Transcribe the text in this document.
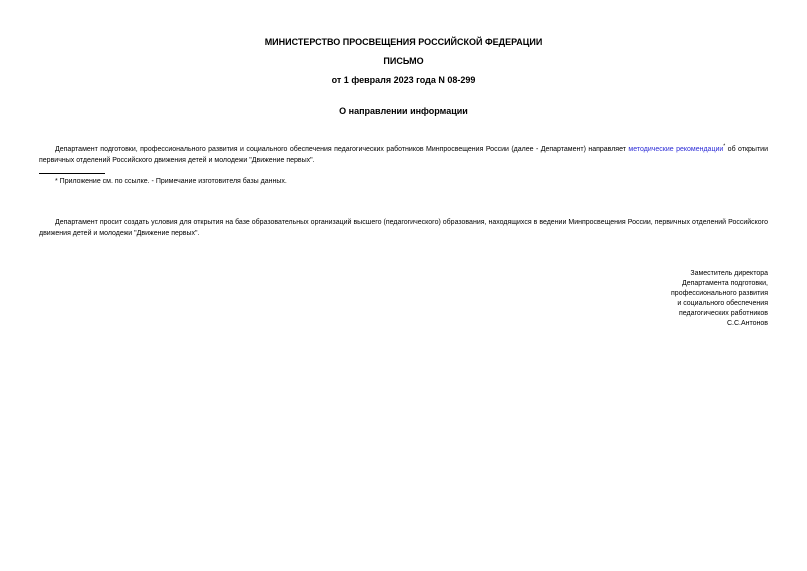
МИНИСТЕРСТВО ПРОСВЕЩЕНИЯ РОССИЙСКОЙ ФЕДЕРАЦИИ
ПИСЬМО
от 1 февраля 2023 года N 08-299
О направлении информации

Департамент подготовки, профессионального развития и социального обеспечения педагогических работников Минпросвещения России (далее - Департамент) направляет методические рекомендации* об открытии первичных отделений Российского движения детей и молодежи "Движение первых".

* Приложение см. по ссылке. - Примечание изготовителя базы данных.

Департамент просит создать условия для открытия на базе образовательных организаций высшего (педагогического) образования, находящихся в ведении Минпросвещения России, первичных отделений Российского движения детей и молодежи "Движение первых".

Заместитель директора
Департамента подготовки,
профессионального развития
и социального обеспечения
педагогических работников
С.С.Антонов
